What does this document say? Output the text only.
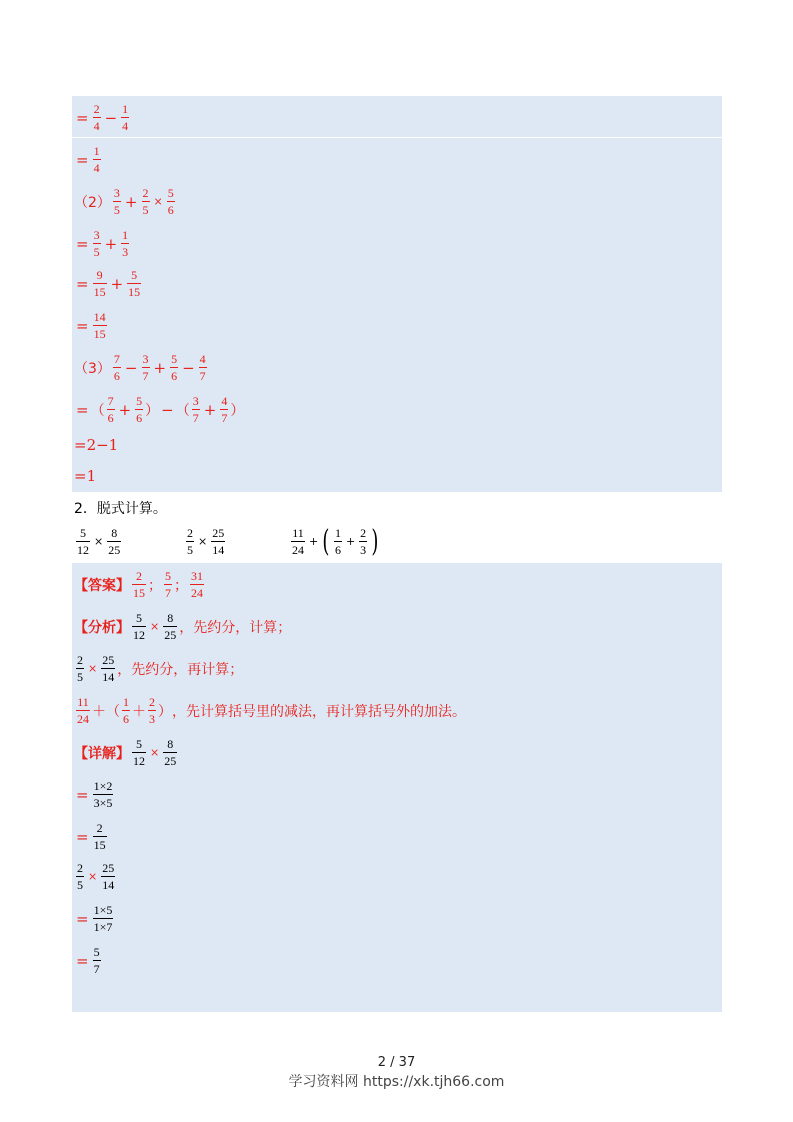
= $\frac{2}{4} - \frac{1}{4}$
= $\frac{1}{4}$
$(2) \frac{3}{5} + \frac{2}{5} \times \frac{5}{6}$
= $\frac{3}{5} + \frac{1}{3}$
= $\frac{9}{15} + \frac{5}{15}$
= $\frac{14}{15}$
$(3) \frac{7}{6} - \frac{3}{7} + \frac{5}{6} - \frac{4}{7}$
= （ $\frac{7}{6} + \frac{5}{6}$ ） − （ $\frac{3}{7} + \frac{4}{7}$ ）
=2−1
=1
2．脱式计算。
$\frac{5}{12} \times \frac{8}{25}$	$\frac{2}{5} \times \frac{25}{14}$	$\frac{11}{24}$ + ( $\frac{1}{6} + \frac{2}{3}$ )
【答案】 $\frac{2}{15}$ ； $\frac{5}{7}$ ； $\frac{31}{24}$
【分析】 $\frac{5}{12} \times \frac{8}{25}$ ，先约分，计算；
$\frac{2}{5} \times \frac{25}{14}$ ，先约分，再计算；
$\frac{11}{24}$ ＋ （ $\frac{1}{6} + \frac{2}{3}$ ） ，先计算括号里的减法，再计算括号外的加法。
【详解】 $\frac{5}{12} \times \frac{8}{25}$
= $\frac{1\times 2}{3\times 5}$
= $\frac{2}{15}$
$\frac{2}{5} \times \frac{25}{14}$
= $\frac{1\times 5}{1\times 7}$
= $\frac{5}{7}$
2 / 37
学习资料网 https://xk.tjh66.com
